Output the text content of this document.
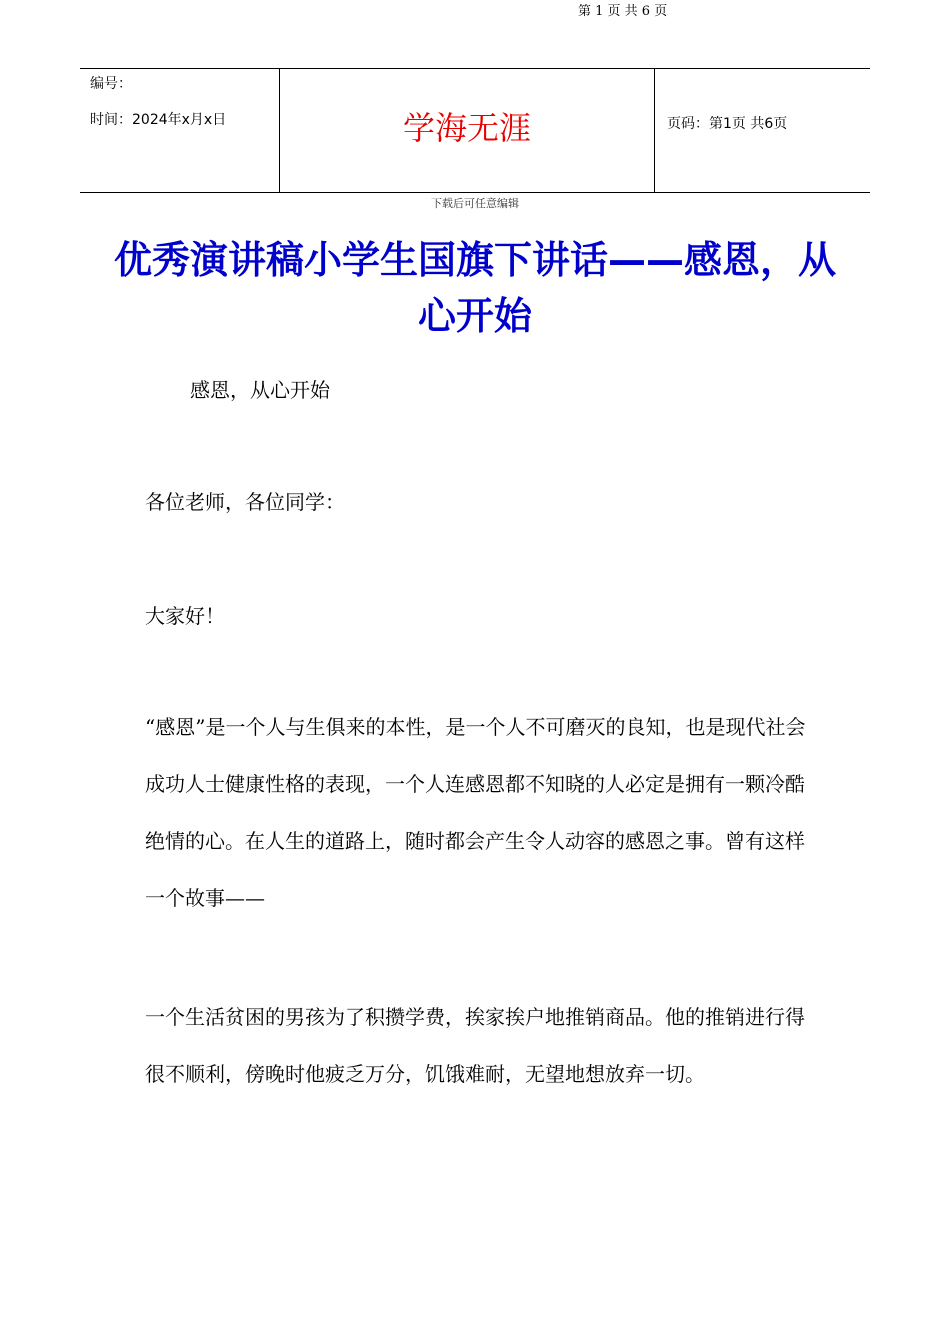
编号：
时间：2024年x月x日	学海无涯	页码：第1页 共6页
下载后可任意编辑
优秀演讲稿小学生国旗下讲话——感恩，从心开始
感恩，从心开始

各位老师，各位同学：

大家好！

“感恩”是一个人与生俱来的本性，是一个人不可磨灭的良知，也是现代社会成功人士健康性格的表现，一个人连感恩都不知晓的人必定是拥有一颗冷酷绝情的心。在人生的道路上，随时都会产生令人动容的感恩之事。曾有这样一个故事——

一个生活贫困的男孩为了积攒学费，挨家挨户地推销商品。他的推销进行得很不顺利，傍晚时他疲乏万分，饥饿难耐，无望地想放弃一切。

第 1 页 共 6 页
